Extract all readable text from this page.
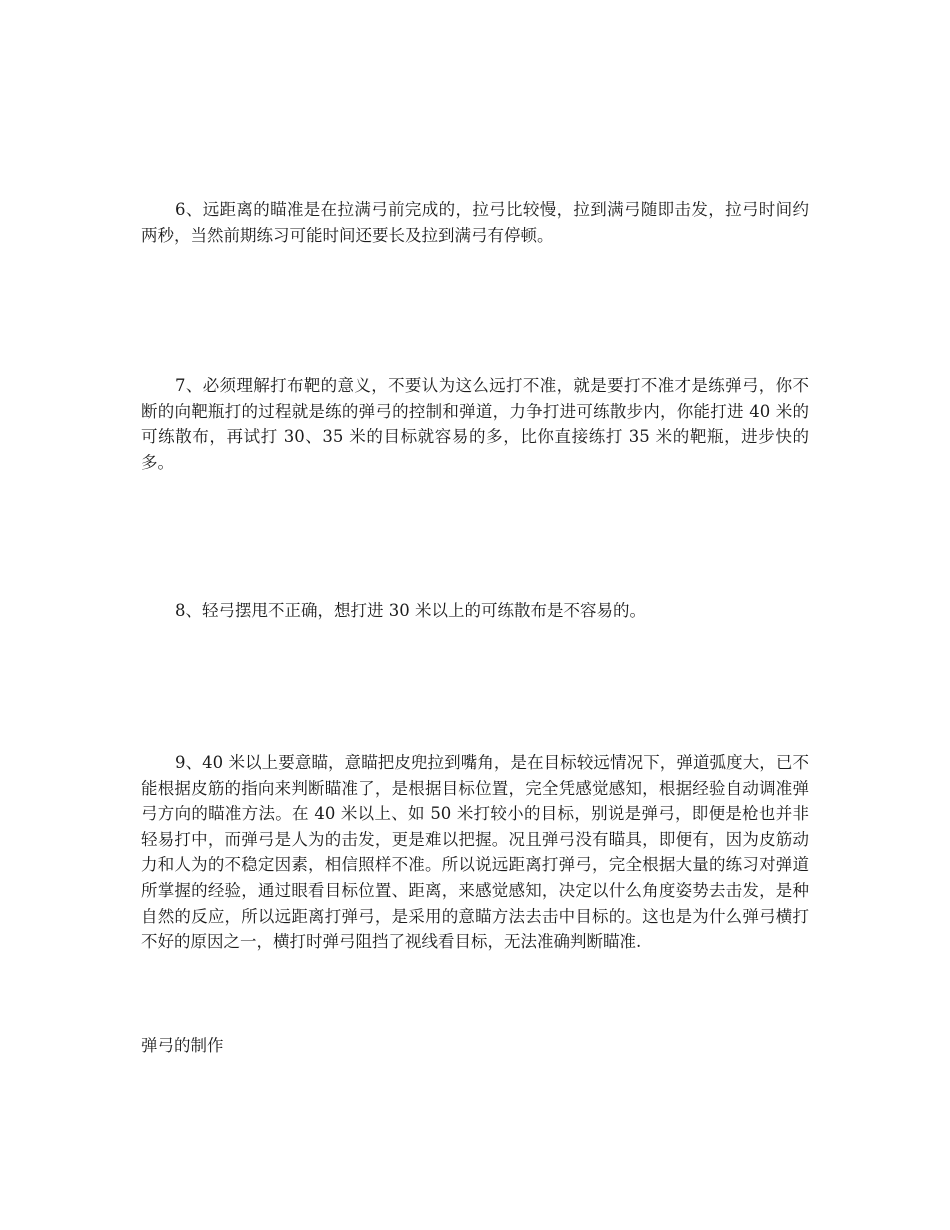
6、远距离的瞄准是在拉满弓前完成的，拉弓比较慢，拉到满弓随即击发，拉弓时间约两秒，当然前期练习可能时间还要长及拉到满弓有停顿。

7、必须理解打布靶的意义，不要认为这么远打不准，就是要打不准才是练弹弓，你不断的向靶瓶打的过程就是练的弹弓的控制和弹道，力争打进可练散步内，你能打进 40 米的可练散布，再试打 30、35 米的目标就容易的多，比你直接练打 35 米的靶瓶，进步快的多。

8、轻弓摆甩不正确，想打进 30 米以上的可练散布是不容易的。

9、40 米以上要意瞄，意瞄把皮兜拉到嘴角，是在目标较远情况下，弹道弧度大，已不能根据皮筋的指向来判断瞄准了，是根据目标位置，完全凭感觉感知，根据经验自动调准弹弓方向的瞄准方法。在 40 米以上、如 50 米打较小的目标，别说是弹弓，即便是枪也并非轻易打中，而弹弓是人为的击发，更是难以把握。况且弹弓没有瞄具，即便有，因为皮筋动力和人为的不稳定因素，相信照样不准。所以说远距离打弹弓，完全根据大量的练习对弹道所掌握的经验，通过眼看目标位置、距离，来感觉感知，决定以什么角度姿势去击发，是种自然的反应，所以远距离打弹弓，是采用的意瞄方法去击中目标的。这也是为什么弹弓横打不好的原因之一，横打时弹弓阻挡了视线看目标，无法准确判断瞄准.

弹弓的制作
